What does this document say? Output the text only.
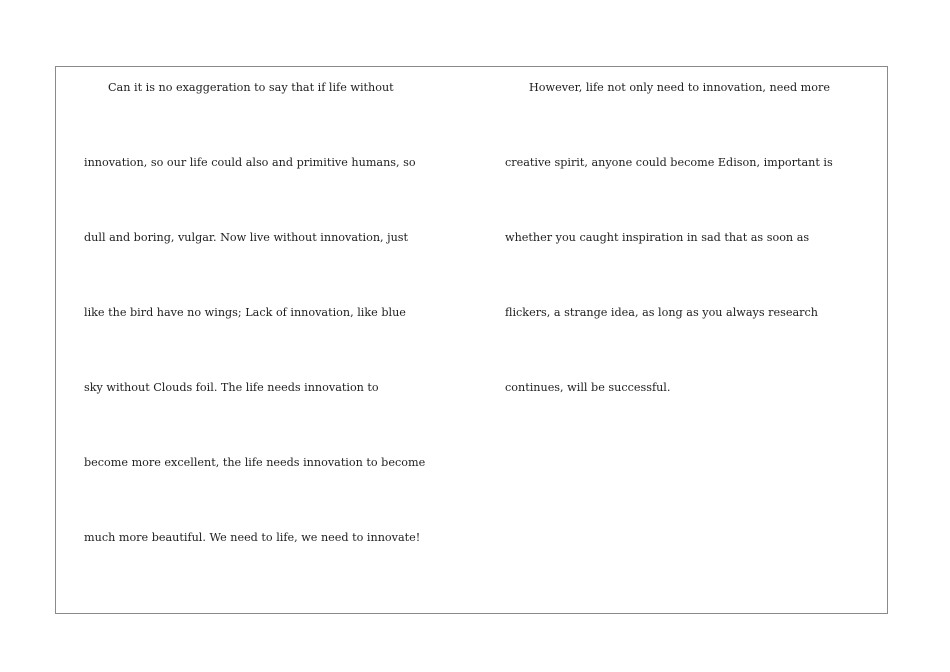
Can it is no exaggeration to say that if life without
innovation, so our life could also and primitive humans, so
dull and boring, vulgar. Now live without innovation, just
like the bird have no wings; Lack of innovation, like blue
sky without Clouds foil. The life needs innovation to
become more excellent, the life needs innovation to become
much more beautiful. We need to life, we need to innovate!
However, life not only need to innovation, need more
creative spirit, anyone could become Edison, important is
whether you caught inspiration in sad that as soon as
flickers, a strange idea, as long as you always research
continues, will be successful.
